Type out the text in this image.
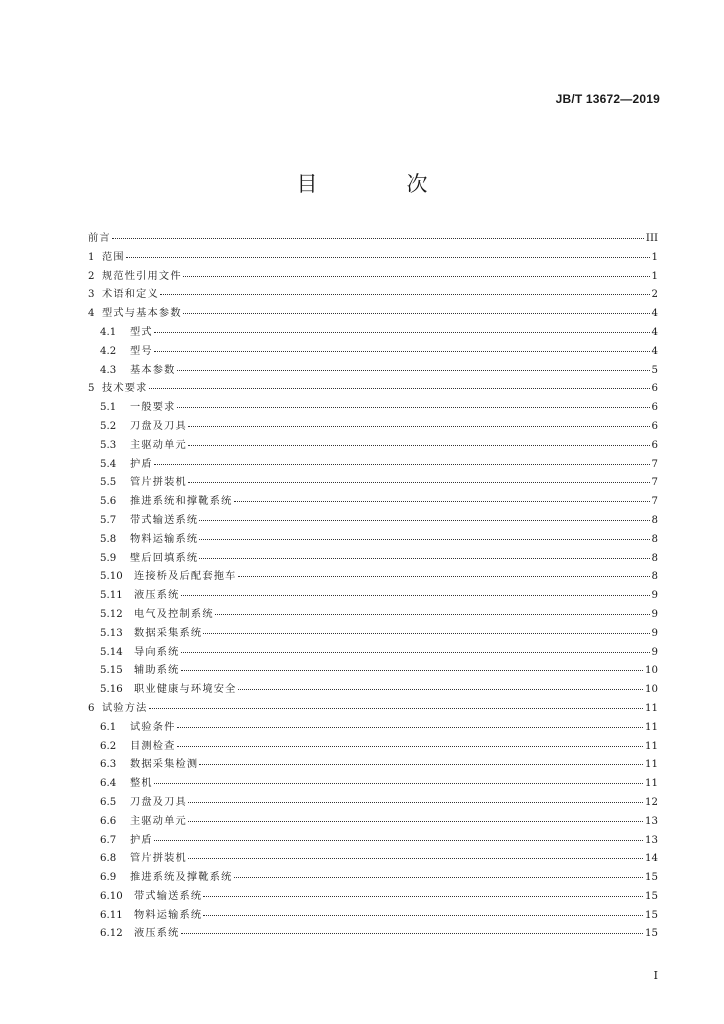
JB/T 13672—2019
目　次
前言	III
1 范围	1
2 规范性引用文件	1
3 术语和定义	2
4 型式与基本参数	4
4.1	型式	4
4.2	型号	4
4.3	基本参数	5
5 技术要求	6
5.1	一般要求	6
5.2	刀盘及刀具	6
5.3	主驱动单元	6
5.4	护盾	7
5.5	管片拼装机	7
5.6	推进系统和撑靴系统	7
5.7	带式输送系统	8
5.8	物料运输系统	8
5.9	壁后回填系统	8
5.10	连接桥及后配套拖车	8
5.11	液压系统	9
5.12	电气及控制系统	9
5.13	数据采集系统	9
5.14	导向系统	9
5.15	辅助系统	10
5.16	职业健康与环境安全	10
6 试验方法	11
6.1	试验条件	11
6.2	目测检查	11
6.3	数据采集检测	11
6.4	整机	11
6.5	刀盘及刀具	12
6.6	主驱动单元	13
6.7	护盾	13
6.8	管片拼装机	14
6.9	推进系统及撑靴系统	15
6.10	带式输送系统	15
6.11	物料运输系统	15
6.12	液压系统	15
I
